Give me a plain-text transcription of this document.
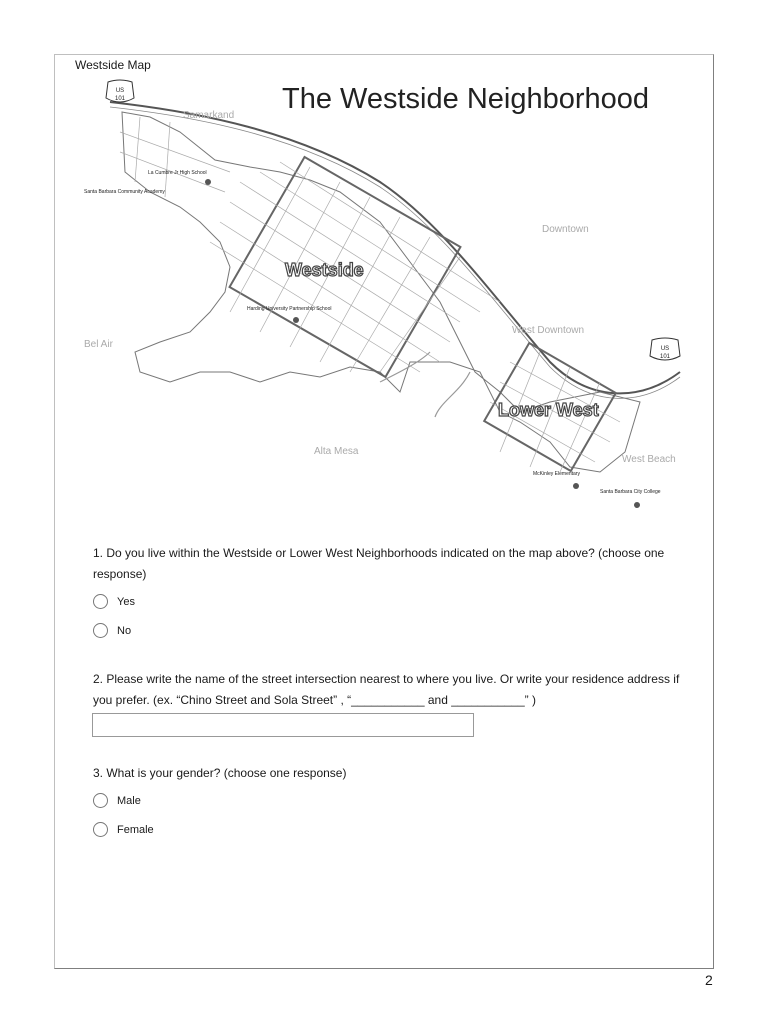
Westside Map
The Westside Neighborhood
US
101
US
101
Samarkand
Downtown
Westside
West Downtown
Bel Air
Lower West
Alta Mesa
West Beach
La Cumbre Jr High School
Santa Barbara Community Academy
Harding University Partnership School
McKinley Elementary
Santa Barbara City College
1. Do you live within the Westside or Lower West Neighborhoods indicated on the map above? (choose one response)
Yes
No
2. Please write the name of the street intersection nearest to where you live. Or write your residence address if you prefer. (ex. “Chino Street and Sola Street” , “___________ and ___________” )
3. What is your gender? (choose one response)
Male
Female
2
